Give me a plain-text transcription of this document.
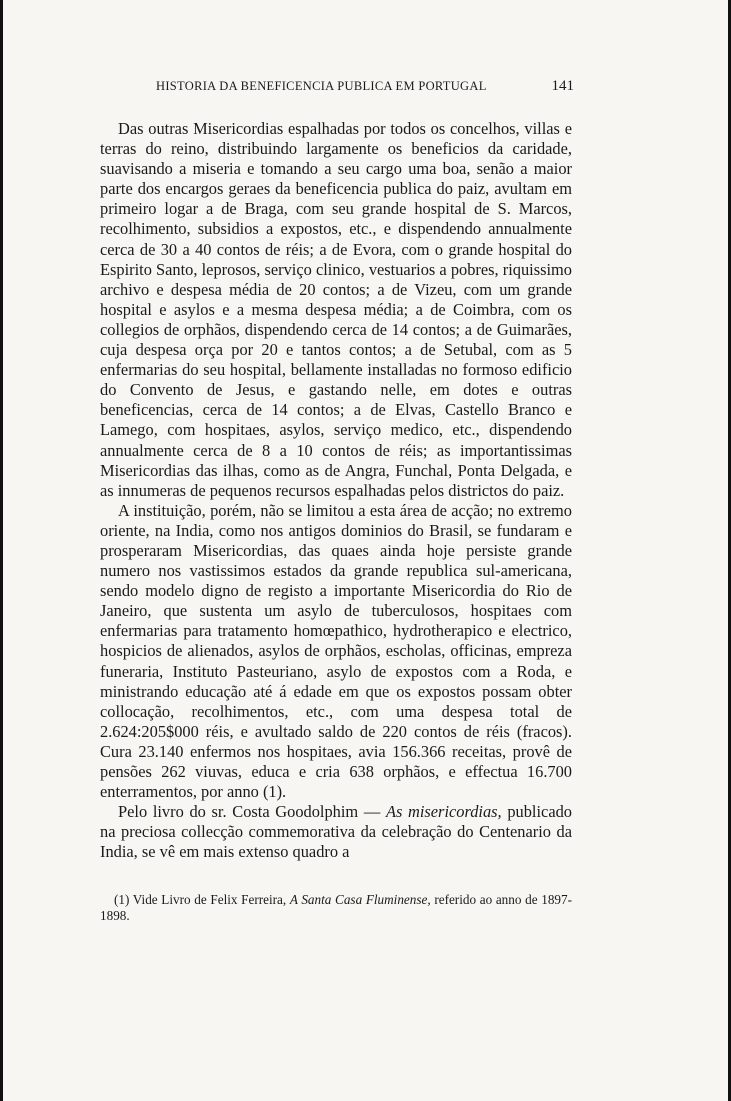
HISTORIA DA BENEFICENCIA PUBLICA EM PORTUGAL	141

Das outras Misericordias espalhadas por todos os concelhos, villas e terras do reino, distribuindo largamente os beneficios da caridade, suavisando a miseria e tomando a seu cargo uma boa, senão a maior parte dos encargos geraes da beneficencia publica do paiz, avultam em primeiro logar a de Braga, com seu grande hospital de S. Marcos, recolhimento, subsidios a expostos, etc., e dispendendo annualmente cerca de 30 a 40 contos de réis; a de Evora, com o grande hospital do Espirito Santo, leprosos, serviço clinico, vestuarios a pobres, riquissimo archivo e despesa média de 20 contos; a de Vizeu, com um grande hospital e asylos e a mesma despesa média; a de Coimbra, com os collegios de orphãos, dispendendo cerca de 14 contos; a de Guimarães, cuja despesa orça por 20 e tantos contos; a de Setubal, com as 5 enfermarias do seu hospital, bellamente installadas no formoso edificio do Convento de Jesus, e gastando nelle, em dotes e outras beneficencias, cerca de 14 contos; a de Elvas, Castello Branco e Lamego, com hospitaes, asylos, serviço medico, etc., dispendendo annualmente cerca de 8 a 10 contos de réis; as importantissimas Misericordias das ilhas, como as de Angra, Funchal, Ponta Delgada, e as innumeras de pequenos recursos espalhadas pelos districtos do paiz.

A instituição, porém, não se limitou a esta área de acção; no extremo oriente, na India, como nos antigos dominios do Brasil, se fundaram e prosperaram Misericordias, das quaes ainda hoje persiste grande numero nos vastissimos estados da grande republica sul-americana, sendo modelo digno de registo a importante Misericordia do Rio de Janeiro, que sustenta um asylo de tuberculosos, hospitaes com enfermarias para tratamento homœpathico, hydrotherapico e electrico, hospicios de alienados, asylos de orphãos, escholas, officinas, empreza funeraria, Instituto Pasteuriano, asylo de expostos com a Roda, e ministrando educação até á edade em que os expostos possam obter collocação, recolhimentos, etc., com uma despesa total de 2.624:205$000 réis, e avultado saldo de 220 contos de réis (fracos). Cura 23.140 enfermos nos hospitaes, avia 156.366 receitas, provê de pensões 262 viuvas, educa e cria 638 orphãos, e effectua 16.700 enterramentos, por anno (1).

Pelo livro do sr. Costa Goodolphim — As misericordias, publicado na preciosa collecção commemorativa da celebração do Centenario da India, se vê em mais extenso quadro a

(1) Vide Livro de Felix Ferreira, A Santa Casa Fluminense, referido ao anno de 1897-1898.
